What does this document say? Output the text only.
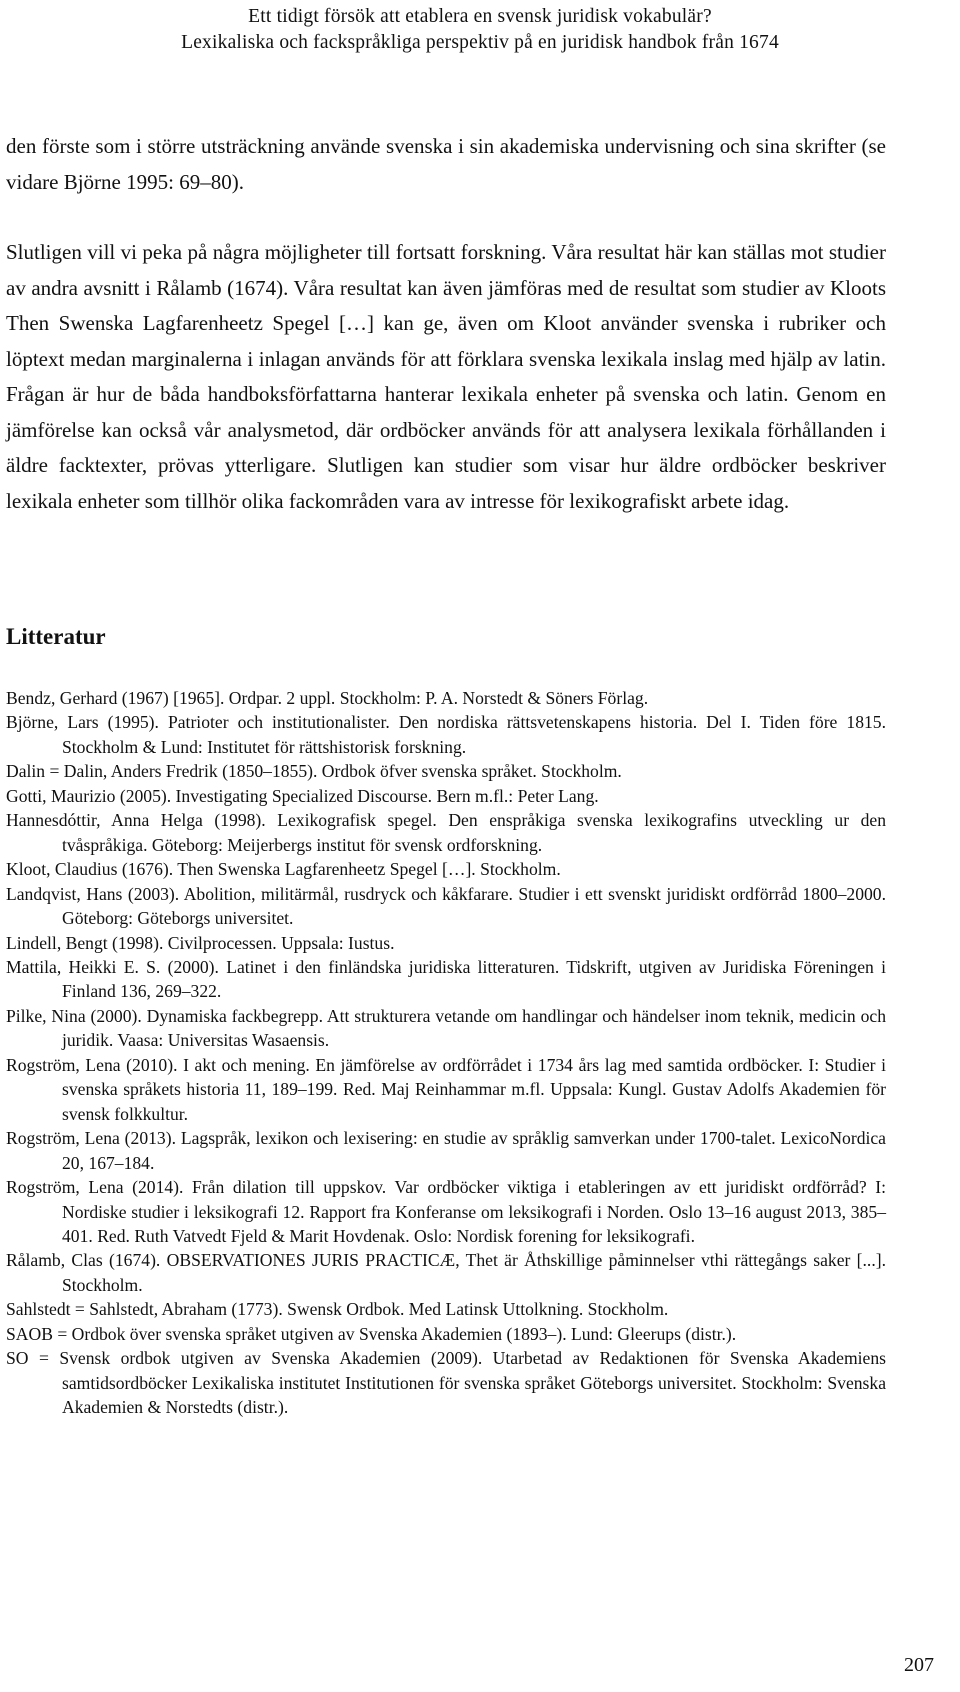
Ett tidigt försök att etablera en svensk juridisk vokabulär?
Lexikaliska och fackspråkliga perspektiv på en juridisk handbok från 1674

den förste som i större utsträckning använde svenska i sin akademiska undervisning och sina skrifter (se vidare Björne 1995: 69–80).

Slutligen vill vi peka på några möjligheter till fortsatt forskning. Våra resultat här kan ställas mot studier av andra avsnitt i Rålamb (1674). Våra resultat kan även jämföras med de resultat som studier av Kloots Then Swenska Lagfarenheetz Spegel […] kan ge, även om Kloot använder svenska i rubriker och löptext medan marginalerna i inlagan används för att förklara svenska lexikala inslag med hjälp av latin. Frågan är hur de båda handboksförfattarna hanterar lexikala enheter på svenska och latin. Genom en jämförelse kan också vår analysmetod, där ordböcker används för att analysera lexikala förhållanden i äldre facktexter, prövas ytterligare. Slutligen kan studier som visar hur äldre ordböcker beskriver lexikala enheter som tillhör olika fackområden vara av intresse för lexikografiskt arbete idag.

Litteratur
Bendz, Gerhard (1967) [1965]. Ordpar. 2 uppl. Stockholm: P. A. Norstedt & Söners Förlag.
Björne, Lars (1995). Patrioter och institutionalister. Den nordiska rättsvetenskapens historia. Del I. Tiden före 1815. Stockholm & Lund: Institutet för rättshistorisk forskning.
Dalin = Dalin, Anders Fredrik (1850–1855). Ordbok öfver svenska språket. Stockholm.
Gotti, Maurizio (2005). Investigating Specialized Discourse. Bern m.fl.: Peter Lang.
Hannesdóttir, Anna Helga (1998). Lexikografisk spegel. Den enspråkiga svenska lexikografins utveckling ur den tvåspråkiga. Göteborg: Meijerbergs institut för svensk ordforskning.
Kloot, Claudius (1676). Then Swenska Lagfarenheetz Spegel […]. Stockholm.
Landqvist, Hans (2003). Abolition, militärmål, rusdryck och kåkfarare. Studier i ett svenskt juridiskt ordförråd 1800–2000. Göteborg: Göteborgs universitet.
Lindell, Bengt (1998). Civilprocessen. Uppsala: Iustus.
Mattila, Heikki E. S. (2000). Latinet i den finländska juridiska litteraturen. Tidskrift, utgiven av Juridiska Föreningen i Finland 136, 269–322.
Pilke, Nina (2000). Dynamiska fackbegrepp. Att strukturera vetande om handlingar och händelser inom teknik, medicin och juridik. Vaasa: Universitas Wasaensis.
Rogström, Lena (2010). I akt och mening. En jämförelse av ordförrådet i 1734 års lag med samtida ordböcker. I: Studier i svenska språkets historia 11, 189–199. Red. Maj Reinhammar m.fl. Uppsala: Kungl. Gustav Adolfs Akademien för svensk folkkultur.
Rogström, Lena (2013). Lagspråk, lexikon och lexisering: en studie av språklig samverkan under 1700-talet. LexicoNordica 20, 167–184.
Rogström, Lena (2014). Från dilation till uppskov. Var ordböcker viktiga i etableringen av ett juridiskt ordförråd? I: Nordiske studier i leksikografi 12. Rapport fra Konferanse om leksikografi i Norden. Oslo 13–16 august 2013, 385–401. Red. Ruth Vatvedt Fjeld & Marit Hovdenak. Oslo: Nordisk forening for leksikografi.
Rålamb, Clas (1674). OBSERVATIONES JURIS PRACTICÆ, Thet är Åthskillige påminnelser vthi rättegångs saker [...]. Stockholm.
Sahlstedt = Sahlstedt, Abraham (1773). Swensk Ordbok. Med Latinsk Uttolkning. Stockholm.
SAOB = Ordbok över svenska språket utgiven av Svenska Akademien (1893–). Lund: Gleerups (distr.).
SO = Svensk ordbok utgiven av Svenska Akademien (2009). Utarbetad av Redaktionen för Svenska Akademiens samtidsordböcker Lexikaliska institutet Institutionen för svenska språket Göteborgs universitet. Stockholm: Svenska Akademien & Norstedts (distr.).
207
